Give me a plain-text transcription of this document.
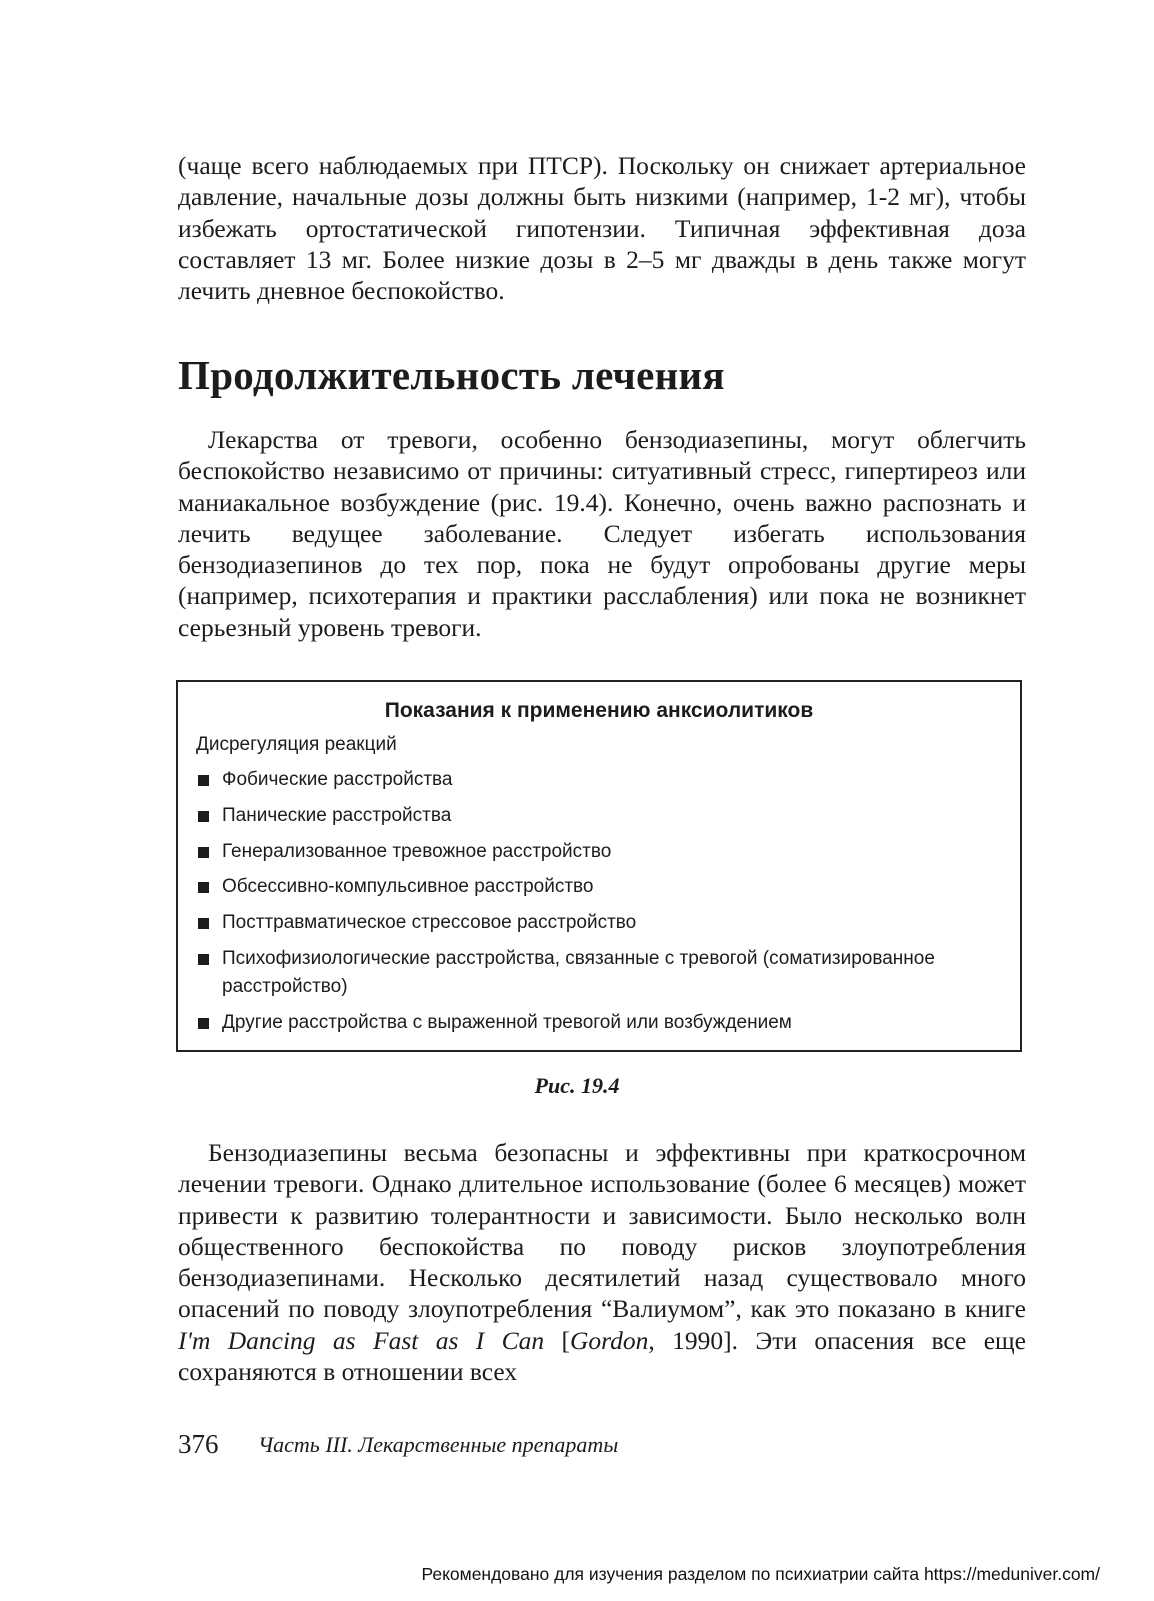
(чаще всего наблюдаемых при ПТСР). Поскольку он снижает артериальное давление, начальные дозы должны быть низкими (например, 1-2 мг), чтобы избежать ортостатической гипотензии. Типичная эффективная доза составляет 13 мг. Более низкие дозы в 2–5 мг дважды в день также могут лечить дневное беспокойство.

Продолжительность лечения

Лекарства от тревоги, особенно бензодиазепины, могут облегчить беспокойство независимо от причины: ситуативный стресс, гипертиреоз или маниакальное возбуждение (рис. 19.4). Конечно, очень важно распознать и лечить ведущее заболевание. Следует избегать использования бензодиазепинов до тех пор, пока не будут опробованы другие меры (например, психотерапия и практики расслабления) или пока не возникнет серьезный уровень тревоги.

Показания к применению анксиолитиков

Дисрегуляция реакций

Фобические расстройства
Панические расстройства
Генерализованное тревожное расстройство
Обсессивно-компульсивное расстройство
Посттравматическое стрессовое расстройство
Психофизиологические расстройства, связанные с тревогой (соматизированное расстройство)
Другие расстройства с выраженной тревогой или возбуждением

Рис. 19.4

Бензодиазепины весьма безопасны и эффективны при краткосрочном лечении тревоги. Однако длительное использование (более 6 месяцев) может привести к развитию толерантности и зависимости. Было несколько волн общественного беспокойства по поводу рисков злоупотребления бензодиазепинами. Несколько десятилетий назад существовало много опасений по поводу злоупотребления “Валиумом”, как это показано в книге I'm Dancing as Fast as I Can [Gordon, 1990]. Эти опасения все еще сохраняются в отношении всех

376 Часть III. Лекарственные препараты
Рекомендовано для изучения разделом по психиатрии сайта https://meduniver.com/
